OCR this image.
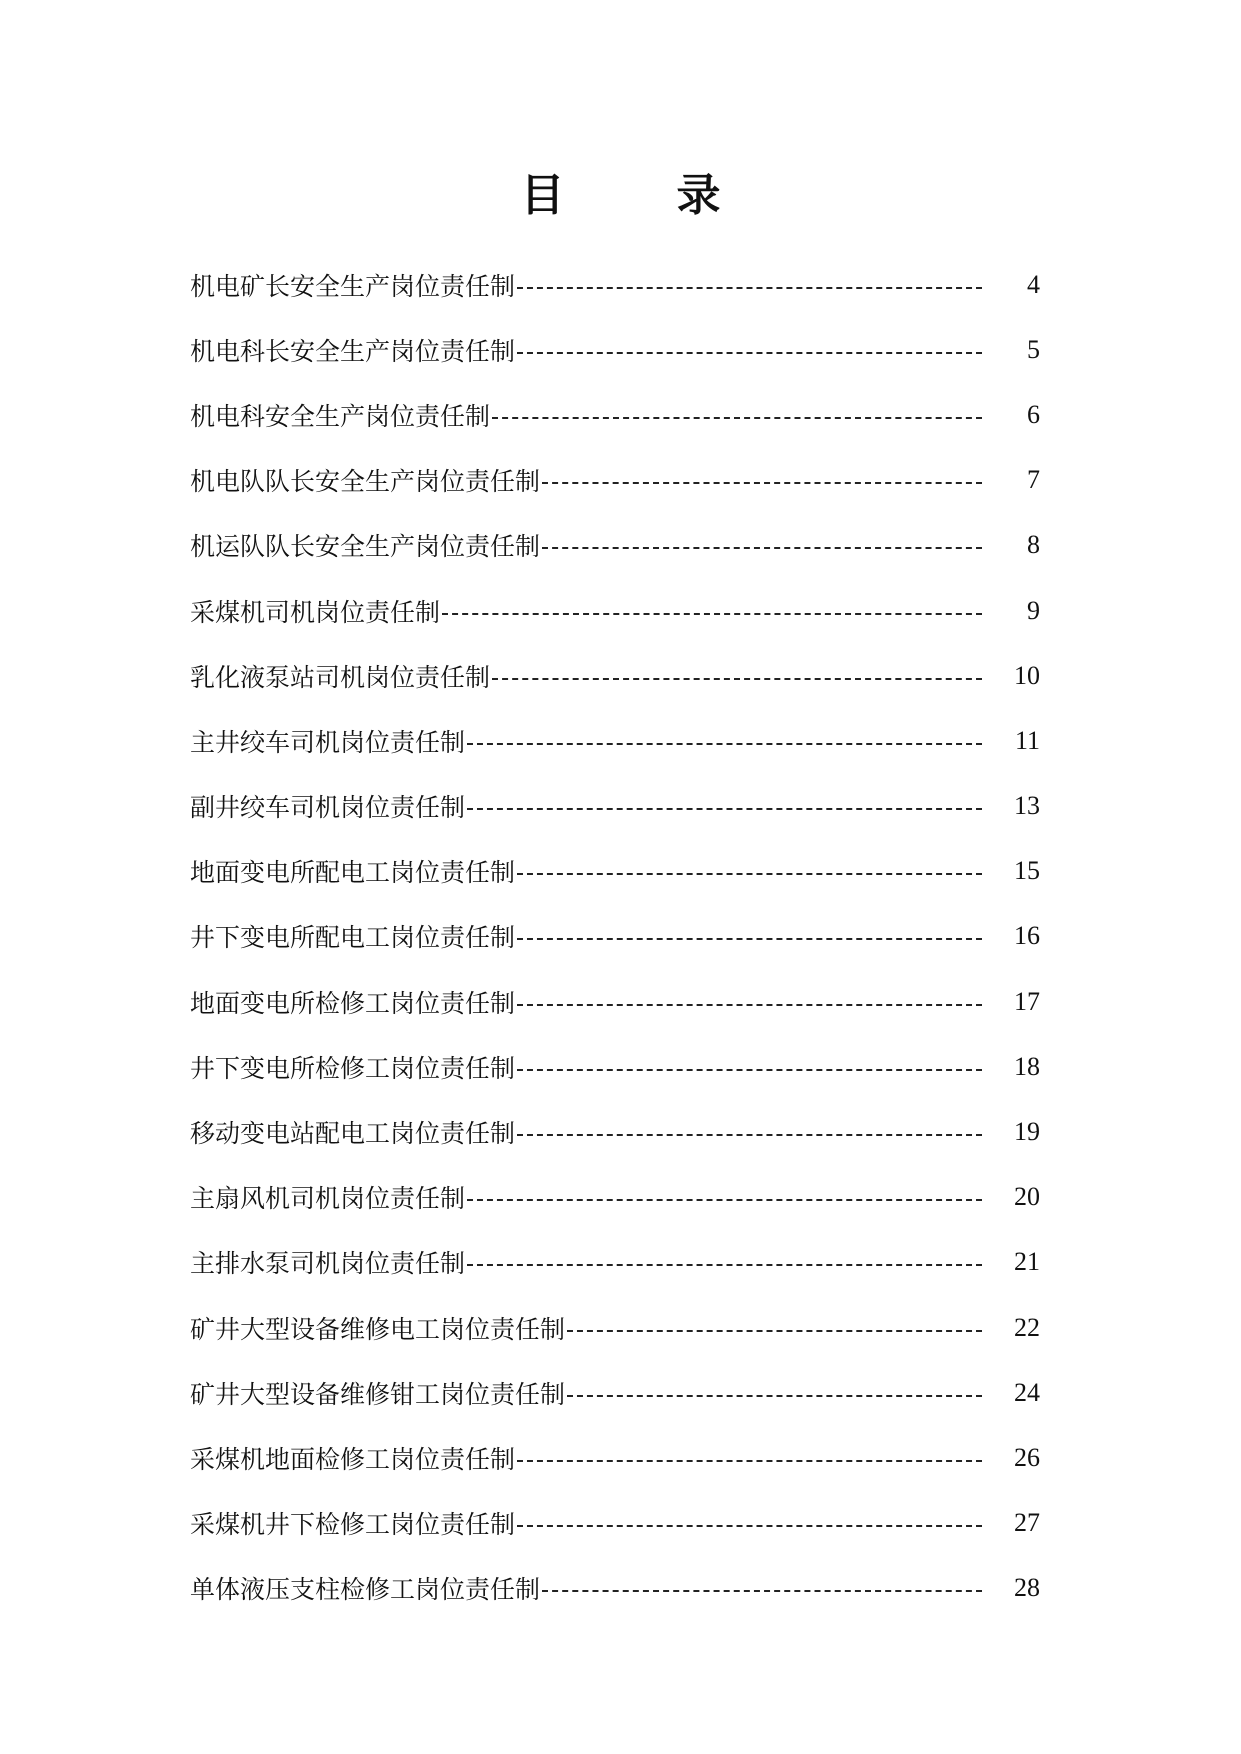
目	录
机电矿长安全生产岗位责任制	4
机电科长安全生产岗位责任制	5
机电科安全生产岗位责任制	6
机电队队长安全生产岗位责任制	7
机运队队长安全生产岗位责任制	8
采煤机司机岗位责任制	9
乳化液泵站司机岗位责任制	10
主井绞车司机岗位责任制	11
副井绞车司机岗位责任制	13
地面变电所配电工岗位责任制	15
井下变电所配电工岗位责任制	16
地面变电所检修工岗位责任制	17
井下变电所检修工岗位责任制	18
移动变电站配电工岗位责任制	19
主扇风机司机岗位责任制	20
主排水泵司机岗位责任制	21
矿井大型设备维修电工岗位责任制	22
矿井大型设备维修钳工岗位责任制	24
采煤机地面检修工岗位责任制	26
采煤机井下检修工岗位责任制	27
单体液压支柱检修工岗位责任制	28
